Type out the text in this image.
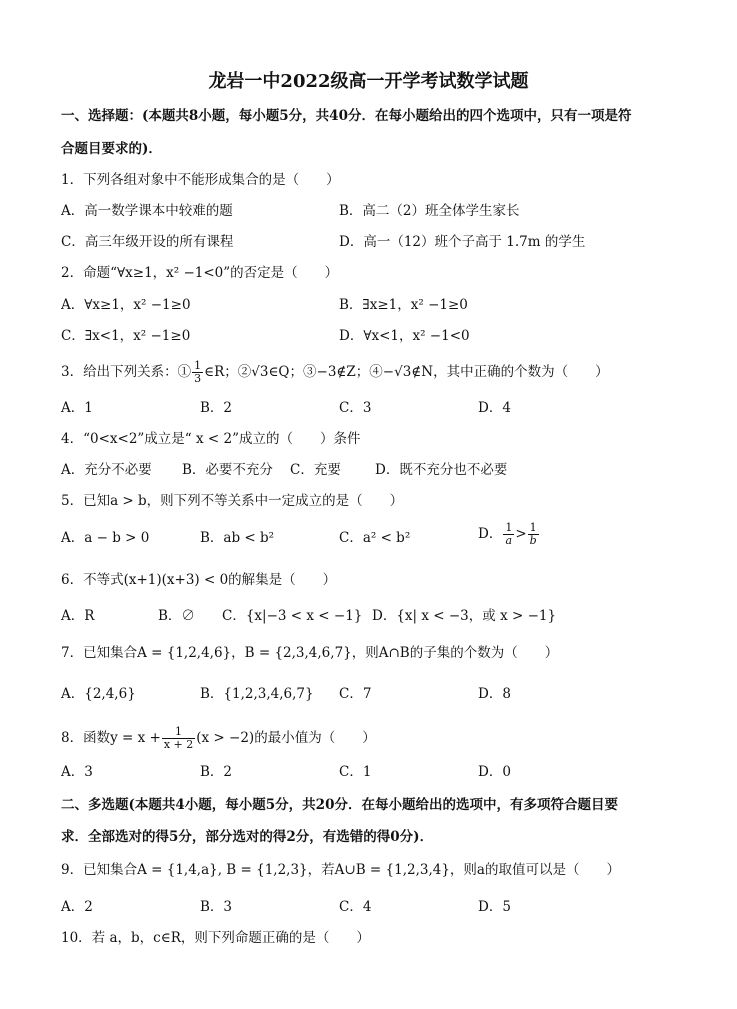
龙岩一中2022级高一开学考试数学试题
一、选择题：(本题共8小题，每小题5分，共40分．在每小题给出的四个选项中，只有一项是符
合题目要求的)．
1．下列各组对象中不能形成集合的是（　　）
A．高一数学课本中较难的题	B．高二（2）班全体学生家长
C．高三年级开设的所有课程	D．高一（12）班个子高于 1.7m 的学生
2．命题“∀x≥1，x² −1<0”的否定是（　　）
A．∀x≥1，x² −1≥0	B．∃x≥1，x² −1≥0
C．∃x<1，x² −1≥0	D．∀x<1，x² −1<0
3．给出下列关系：① $\frac{1}{3}$ ∈R；②√3∈Q；③−3∉Z；④−√3∉N，其中正确的个数为（　　）
A．1	B．2	C．3	D．4
4．“0<x<2”成立是“ x < 2”成立的（　　）条件
A．充分不必要 B．必要不充分 C．充要	D．既不充分也不必要
5．已知a > b，则下列不等关系中一定成立的是（　　）
A．a − b > 0	B．ab < b²	C．a² < b²	D． $\frac{1}{a} > \frac{1}{b}$
6．不等式(x+1)(x+3) < 0的解集是（　　）
A．R	B．∅ C．{x|−3 < x < −1} D．{x| x < −3，或 x > −1}
7．已知集合A = {1,2,4,6}，B = {2,3,4,6,7}，则A∩B的子集的个数为（　　）
A．{2,4,6}	B．{1,2,3,4,6,7} C．7	D．8
8．函数$y = x + \frac{1}{x + 2} (x > -2)$的最小值为（　　）
A．3	B．2	C．1	D．0
二、多选题(本题共4小题，每小题5分，共20分．在每小题给出的选项中，有多项符合题目要
求．全部选对的得5分，部分选对的得2分，有选错的得0分)．
9．已知集合A = {1,4,a}, B = {1,2,3}，若A∪B = {1,2,3,4}，则a的取值可以是（　　）
A．2	B．3	C．4	D．5
10．若 a，b，c∈R，则下列命题正确的是（　　）
